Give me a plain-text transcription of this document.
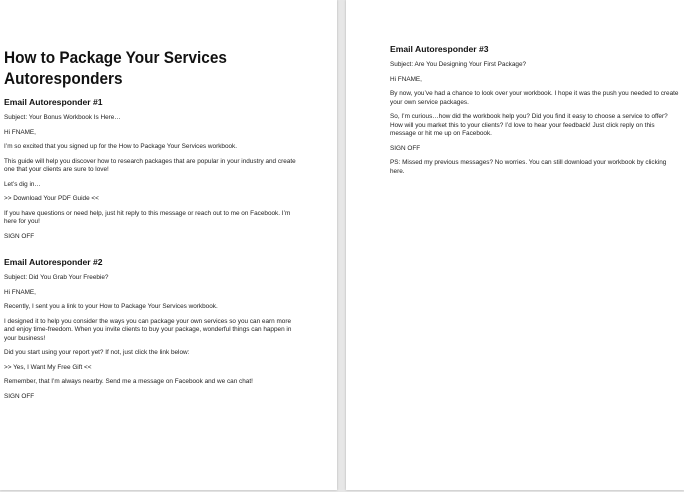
How to Package Your Services Autoresponders
Email Autoresponder #1

Subject: Your Bonus Workbook Is Here…

Hi FNAME,

I’m so excited that you signed up for the How to Package Your Services workbook.

This guide will help you discover how to research packages that are popular in your industry and create one that your clients are sure to love!

Let’s dig in…

>> Download Your PDF Guide <<

If you have questions or need help, just hit reply to this message or reach out to me on Facebook. I’m here for you!

SIGN OFF

Email Autoresponder #2

Subject: Did You Grab Your Freebie?

Hi FNAME,

Recently, I sent you a link to your How to Package Your Services workbook.

I designed it to help you consider the ways you can package your own services so you can earn more and enjoy time-freedom. When you invite clients to buy your package, wonderful things can happen in your business!

Did you start using your report yet? If not, just click the link below:

>> Yes, I Want My Free Gift <<

Remember, that I’m always nearby. Send me a message on Facebook and we can chat!

SIGN OFF

Email Autoresponder #3

Subject: Are You Designing Your First Package?

Hi FNAME,

By now, you’ve had a chance to look over your workbook. I hope it was the push you needed to create your own service packages.

So, I’m curious…how did the workbook help you? Did you find it easy to choose a service to offer? How will you market this to your clients? I’d love to hear your feedback! Just click reply on this message or hit me up on Facebook.

SIGN OFF

PS: Missed my previous messages? No worries. You can still download your workbook by clicking here.
